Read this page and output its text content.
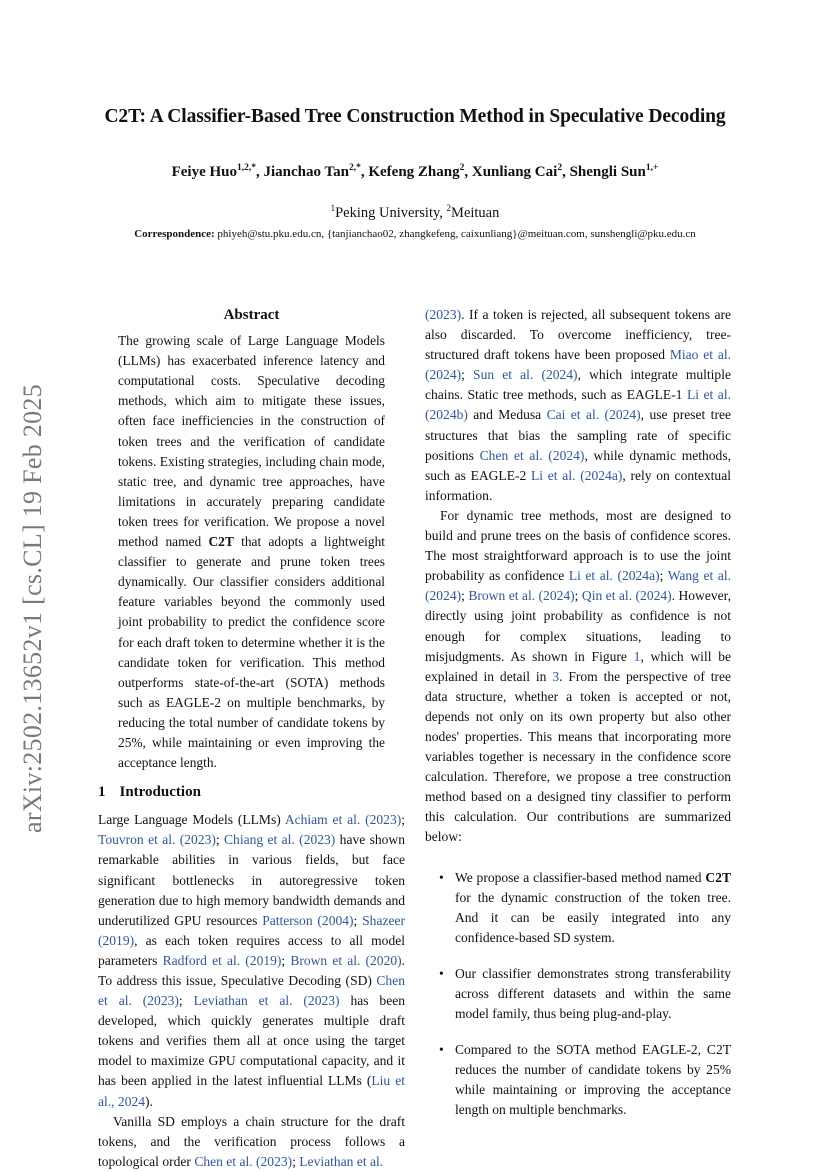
arXiv:2502.13652v1 [cs.CL] 19 Feb 2025
C2T: A Classifier-Based Tree Construction Method in Speculative Decoding
Feiye Huo$^{1,2,*}$, Jianchao Tan$^{2,*}$, Kefeng Zhang$^2$, Xunliang Cai$^2$, Shengli Sun$^{1,+}$
$^1$Peking University, $^2$Meituan
Correspondence: phiyeh@stu.pku.edu.cn, {tanjianchao02, zhangkefeng, caixunliang}@meituan.com, sunshengli@pku.edu.cn
Abstract

The growing scale of Large Language Models (LLMs) has exacerbated inference latency and computational costs. Speculative decoding methods, which aim to mitigate these issues, often face inefficiencies in the construction of token trees and the verification of candidate tokens. Existing strategies, including chain mode, static tree, and dynamic tree approaches, have limitations in accurately preparing candidate token trees for verification. We propose a novel method named C2T that adopts a lightweight classifier to generate and prune token trees dynamically. Our classifier considers additional feature variables beyond the commonly used joint probability to predict the confidence score for each draft token to determine whether it is the candidate token for verification. This method outperforms state-of-the-art (SOTA) methods such as EAGLE-2 on multiple benchmarks, by reducing the total number of candidate tokens by 25%, while maintaining or even improving the acceptance length.

1 Introduction

Large Language Models (LLMs) Achiam et al. (2023); Touvron et al. (2023); Chiang et al. (2023) have shown remarkable abilities in various fields, but face significant bottlenecks in autoregressive token generation due to high memory bandwidth demands and underutilized GPU resources Patterson (2004); Shazeer (2019), as each token requires access to all model parameters Radford et al. (2019); Brown et al. (2020). To address this issue, Speculative Decoding (SD) Chen et al. (2023); Leviathan et al. (2023) has been developed, which quickly generates multiple draft tokens and verifies them all at once using the target model to maximize GPU computational capacity, and it has been applied in the latest influential LLMs (Liu et al., 2024).

Vanilla SD employs a chain structure for the draft tokens, and the verification process follows a topological order Chen et al. (2023); Leviathan et al.

(2023). If a token is rejected, all subsequent tokens are also discarded. To overcome inefficiency, tree-structured draft tokens have been proposed Miao et al. (2024); Sun et al. (2024), which integrate multiple chains. Static tree methods, such as EAGLE-1 Li et al. (2024b) and Medusa Cai et al. (2024), use preset tree structures that bias the sampling rate of specific positions Chen et al. (2024), while dynamic methods, such as EAGLE-2 Li et al. (2024a), rely on contextual information.

For dynamic tree methods, most are designed to build and prune trees on the basis of confidence scores. The most straightforward approach is to use the joint probability as confidence Li et al. (2024a); Wang et al. (2024); Brown et al. (2024); Qin et al. (2024). However, directly using joint probability as confidence is not enough for complex situations, leading to misjudgments. As shown in Figure 1, which will be explained in detail in 3. From the perspective of tree data structure, whether a token is accepted or not, depends not only on its own property but also other nodes' properties. This means that incorporating more variables together is necessary in the confidence score calculation. Therefore, we propose a tree construction method based on a designed tiny classifier to perform this calculation. Our contributions are summarized below:

• We propose a classifier-based method named C2T for the dynamic construction of the token tree. And it can be easily integrated into any confidence-based SD system.
• Our classifier demonstrates strong transferability across different datasets and within the same model family, thus being plug-and-play.
• Compared to the SOTA method EAGLE-2, C2T reduces the number of candidate tokens by 25% while maintaining or improving the acceptance length on multiple benchmarks.
